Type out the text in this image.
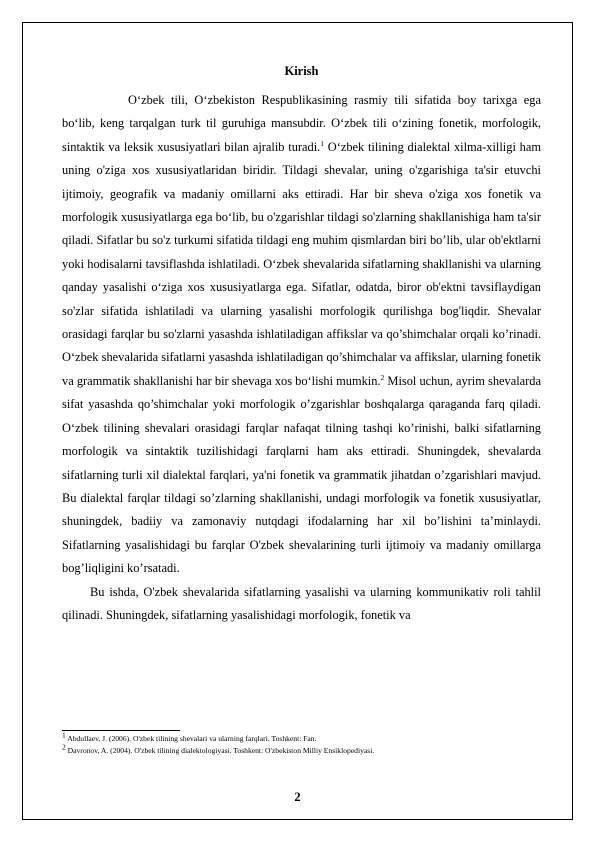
Kirish

O‘zbek tili, O‘zbekiston Respublikasining rasmiy tili sifatida boy tarixga ega bo‘lib, keng tarqalgan turk til guruhiga mansubdir. O‘zbek tili o‘zining fonetik, morfologik, sintaktik va leksik xususiyatlari bilan ajralib turadi.$^1$ O‘zbek tilining dialektal xilma-xilligi ham uning o'ziga xos xususiyatlaridan biridir. Tildagi shevalar, uning o'zgarishiga ta'sir etuvchi ijtimoiy, geografik va madaniy omillarni aks ettiradi. Har bir sheva o'ziga xos fonetik va morfologik xususiyatlarga ega bo‘lib, bu o'zgarishlar tildagi so'zlarning shakllanishiga ham ta'sir qiladi. Sifatlar bu so'z turkumi sifatida tildagi eng muhim qismlardan biri bo’lib, ular ob'ektlarni yoki hodisalarni tavsiflashda ishlatiladi. O‘zbek shevalarida sifatlarning shakllanishi va ularning qanday yasalishi o‘ziga xos xususiyatlarga ega. Sifatlar, odatda, biror ob'ektni tavsiflaydigan so'zlar sifatida ishlatiladi va ularning yasalishi morfologik qurilishga bog'liqdir. Shevalar orasidagi farqlar bu so'zlarni yasashda ishlatiladigan affikslar va qo’shimchalar orqali ko’rinadi. O‘zbek shevalarida sifatlarni yasashda ishlatiladigan qo’shimchalar va affikslar, ularning fonetik va grammatik shakllanishi har bir shevaga xos bo‘lishi mumkin.$^2$ Misol uchun, ayrim shevalarda sifat yasashda qo’shimchalar yoki morfologik o’zgarishlar boshqalarga qaraganda farq qiladi. O‘zbek tilining shevalari orasidagi farqlar nafaqat tilning tashqi ko’rinishi, balki sifatlarning morfologik va sintaktik tuzilishidagi farqlarni ham aks ettiradi. Shuningdek, shevalarda sifatlarning turli xil dialektal farqlari, ya'ni fonetik va grammatik jihatdan o’zgarishlari mavjud. Bu dialektal farqlar tildagi so’zlarning shakllanishi, undagi morfologik va fonetik xususiyatlar, shuningdek, badiiy va zamonaviy nutqdagi ifodalarning har xil bo’lishini ta’minlaydi. Sifatlarning yasalishidagi bu farqlar O'zbek shevalarining turli ijtimoiy va madaniy omillarga bog’liqligini ko’rsatadi.

Bu ishda, O'zbek shevalarida sifatlarning yasalishi va ularning kommunikativ roli tahlil qilinadi. Shuningdek, sifatlarning yasalishidagi morfologik, fonetik va

$^1$ Abdullaev, J. (2006). O'zbek tilining shevalari va ularning farqlari. Toshkent: Fan.
$^2$ Davronov, A. (2004). O'zbek tilining dialektologiyasi. Toshkent: O'zbekiston Milliy Ensiklopediyasi.
2
